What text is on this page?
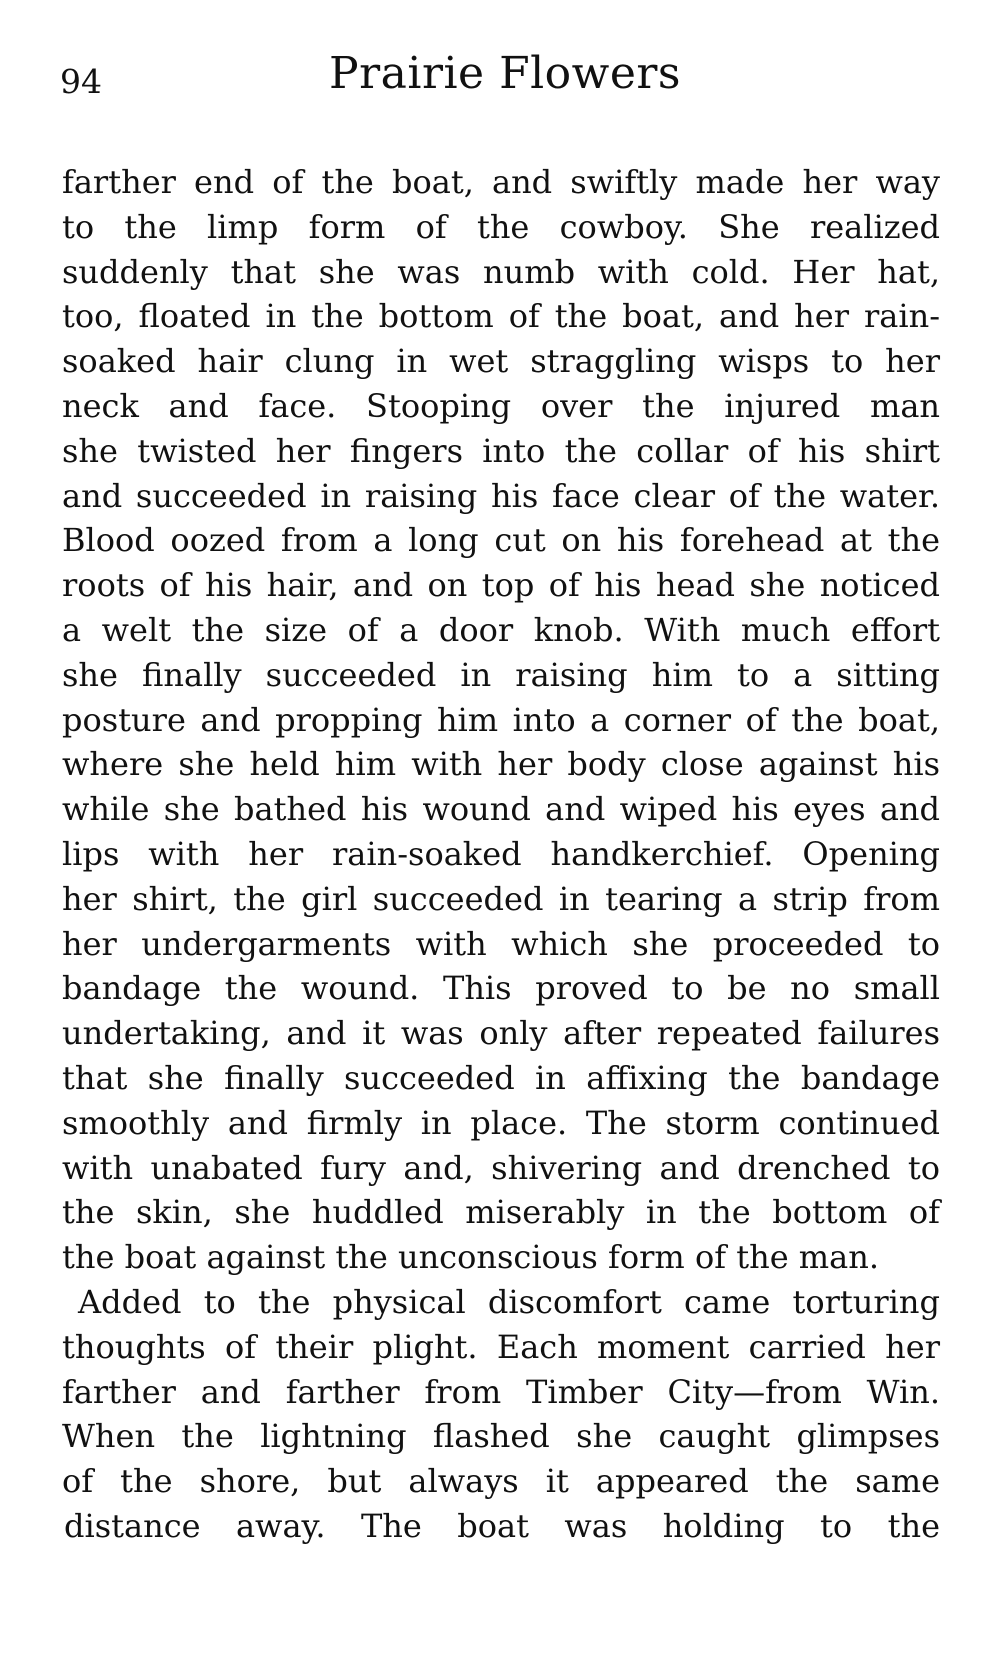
94	Prairie Flowers
farther end of the boat, and swiftly made her way
to the limp form of the cowboy. She realized
suddenly that she was numb with cold. Her hat,
too, floated in the bottom of the boat, and her rain-
soaked hair clung in wet straggling wisps to her
neck and face. Stooping over the injured man
she twisted her fingers into the collar of his shirt
and succeeded in raising his face clear of the water.
Blood oozed from a long cut on his forehead at the
roots of his hair, and on top of his head she noticed
a welt the size of a door knob. With much effort
she finally succeeded in raising him to a sitting
posture and propping him into a corner of the boat,
where she held him with her body close against his
while she bathed his wound and wiped his eyes and
lips with her rain-soaked handkerchief. Opening
her shirt, the girl succeeded in tearing a strip from
her undergarments with which she proceeded to
bandage the wound. This proved to be no small
undertaking, and it was only after repeated failures
that she finally succeeded in affixing the bandage
smoothly and firmly in place. The storm continued
with unabated fury and, shivering and drenched to
the skin, she huddled miserably in the bottom of
the boat against the unconscious form of the man.
Added to the physical discomfort came torturing
thoughts of their plight. Each moment carried her
farther and farther from Timber City—from Win.
When the lightning flashed she caught glimpses
of the shore, but always it appeared the same
distance away. The boat was holding to the
